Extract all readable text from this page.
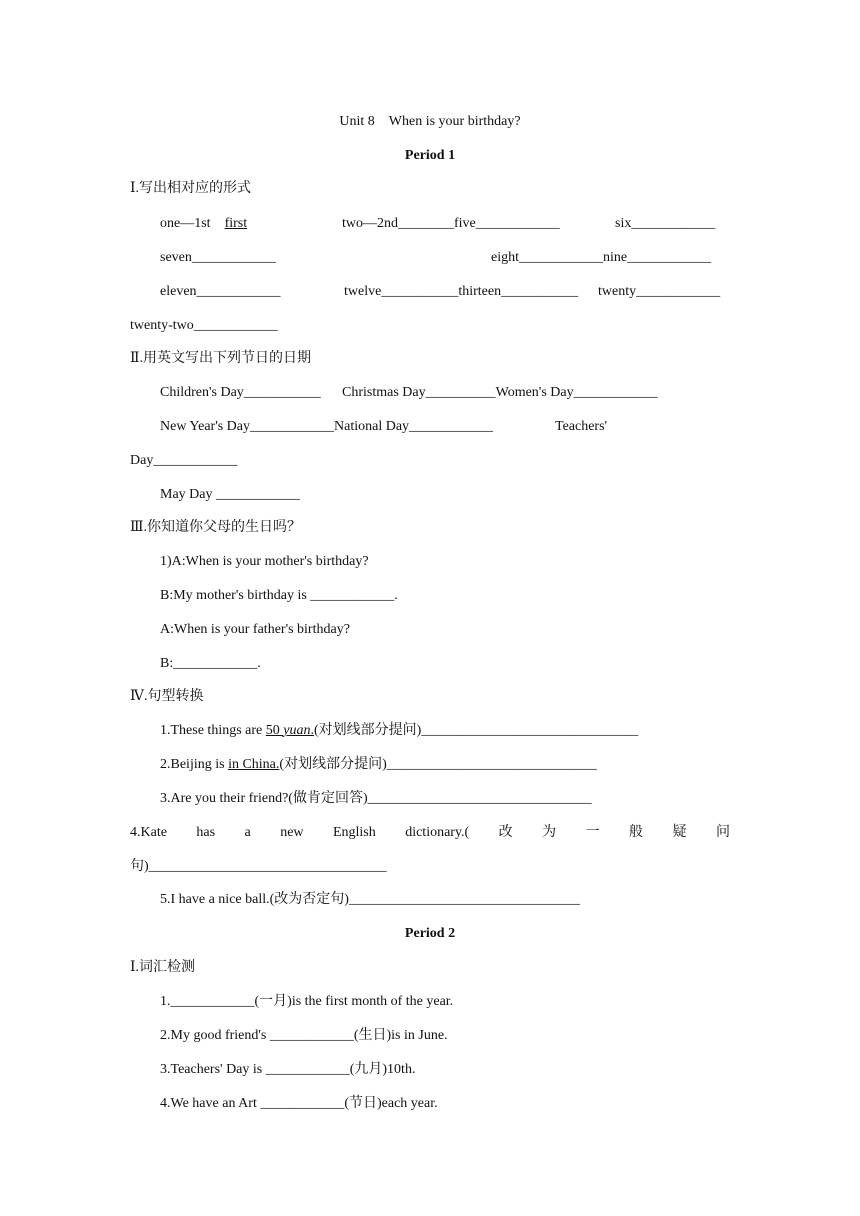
Unit 8　When is your birthday?
Period 1
Ⅰ.写出相对应的形式
one—1st first	two—2nd________five____________	six____________
seven____________	eight____________nine____________
eleven____________	twelve___________thirteen___________ twenty____________
twenty-two____________
Ⅱ.用英文写出下列节日的日期
Children's Day___________ Christmas Day__________Women's Day____________
New Year's Day____________National Day____________	Teachers'
Day____________
May Day ____________
Ⅲ.你知道你父母的生日吗？
1)A:When is your mother's birthday?
B:My mother's birthday is ____________.
A:When is your father's birthday?
B:____________.
Ⅳ.句型转换
1.These things are 50 yuan.(对划线部分提问)_______________________________
2.Beijing is in China.(对划线部分提问)______________________________
3.Are you their friend?(做肯定回答)________________________________
4.Kate has a new English dictionary.( 改 为 一 般 疑 问
句)__________________________________
5.I have a nice ball.(改为否定句)_________________________________
Period 2
Ⅰ.词汇检测
1.____________(一月)is the first month of the year.
2.My good friend's ____________(生日)is in June.
3.Teachers' Day is ____________(九月)10th.
4.We have an Art ____________(节日)each year.
